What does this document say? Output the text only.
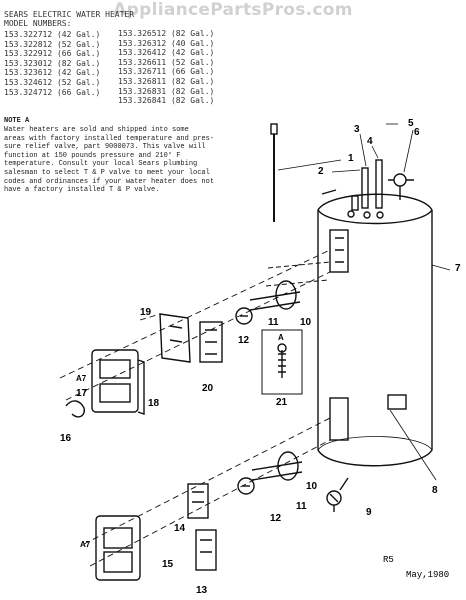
AppliancePartsPros.com
SEARS ELECTRIC WATER HEATER
MODEL NUMBERS:
153.322712 (42 Gal.)
153.322812 (52 Gal.)
153.322912 (66 Gal.)
153.323012 (82 Gal.)
153.323612 (42 Gal.)
153.324612 (52 Gal.)
153.324712 (66 Gal.)
153.326512 (82 Gal.)
153.326312 (40 Gal.)
153.326412 (42 Gal.)
153.326611 (52 Gal.)
153.326711 (66 Gal.)
153.326811 (82 Gal.)
153.326831 (82 Gal.)
153.326841 (82 Gal.)
NOTE A
Water heaters are sold and shipped into some
areas with factory installed temperature and pres-
sure relief valve, part 9000073. This valve will
function at 150 pounds pressure and 210° F
temperature. Consult your local Sears plumbing
salesman to select T & P valve to meet your local
codes and ordinances if your water heater does not
have a factory installed T & P valve.
1
2
3
4
5
6
7
8
9
10
11
12
13
14
15
16
17
18
19
20
21
10
11
12
A
A7
A7
R5
May,1980
